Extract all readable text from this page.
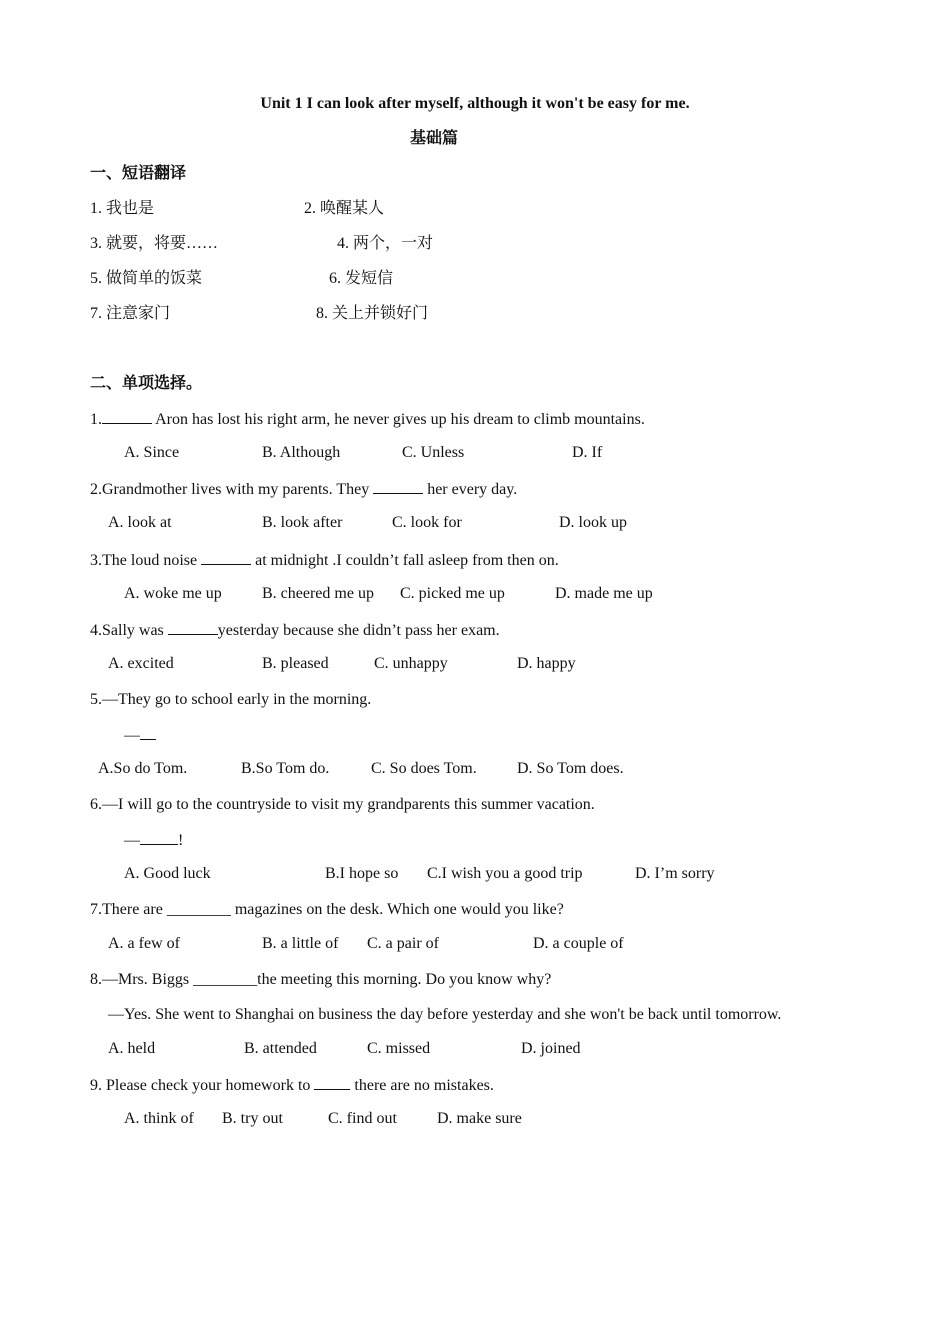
Unit 1 I can look after myself, although it won't be easy for me.
基础篇
一、短语翻译
1. 我也是	2. 唤醒某人
3. 就要，将要……	4. 两个，一对
5. 做简单的饭菜	6. 发短信
7. 注意家门	8. 关上并锁好门
二、单项选择。
1.	Aron has lost his right arm, he never gives up his dream to climb mountains.
A. Since	B. Although	C. Unless	D. If
2.Grandmother lives with my parents. They	her every day.
A. look at	B. look after	C. look for	D. look up
3.The loud noise	at midnight .I couldn’t fall asleep from then on.
A. woke me up	B. cheered me up C. picked me up	D. made me up
4.Sally was	yesterday because she didn’t pass her exam.
A. excited	B. pleased	C. unhappy	D. happy
5.—They go to school early in the morning.
—
A.So do Tom.	B.So Tom do.	C. So does Tom.	D. So Tom does.
6.—I will go to the countryside to visit my grandparents this summer vacation.
— !
A. Good luck	B.I hope so C.I wish you a good trip	D. I’m sorry
7.There are ________ magazines on the desk. Which one would you like?
A. a few of	B. a little of C. a pair of	D. a couple of
8.—Mrs. Biggs ________the meeting this morning. Do you know why?
—Yes. She went to Shanghai on business the day before yesterday and she won't be back until tomorrow.
A. held	B. attended	C. missed	D. joined
9. Please check your homework to  there are no mistakes.
A. think of B. try out	C. find out	D. make sure
